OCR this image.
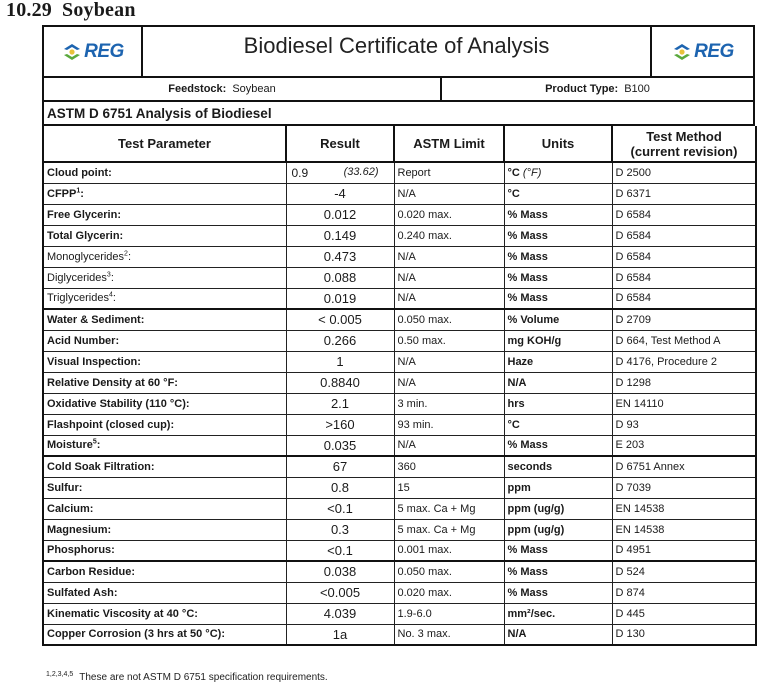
10.29 Soybean
REG	Biodiesel Certificate of Analysis	REG
Feedstock: Soybean	Product Type: B100
ASTM D 6751 Analysis of Biodiesel
Test Parameter	Result	ASTM Limit	Units	Test Method
(current revision)

Cloud point:	0.9 (33.62)	Report	°C (°F)	D 2500
CFPP$^1$:	-4	N/A	°C	D 6371
Free Glycerin:	0.012	0.020 max.	% Mass	D 6584
Total Glycerin:	0.149	0.240 max.	% Mass	D 6584
Monoglycerides$^2$:	0.473	N/A	% Mass	D 6584
Diglycerides$^3$:	0.088	N/A	% Mass	D 6584
Triglycerides$^4$:	0.019	N/A	% Mass	D 6584
Water & Sediment:	< 0.005	0.050 max.	% Volume	D 2709
Acid Number:	0.266	0.50 max.	mg KOH/g	D 664, Test Method A
Visual Inspection:	1	N/A	Haze	D 4176, Procedure 2
Relative Density at 60 °F:	0.8840	N/A	N/A	D 1298
Oxidative Stability (110 °C):	2.1	3 min.	hrs	EN 14110
Flashpoint (closed cup):	>160	93 min.	°C	D 93
Moisture$^5$:	0.035	N/A	% Mass	E 203
Cold Soak Filtration:	67	360	seconds	D 6751 Annex
Sulfur:	0.8	15	ppm	D 7039
Calcium:	<0.1	5 max. Ca + Mg	ppm (ug/g)	EN 14538
Magnesium:	0.3	5 max. Ca + Mg	ppm (ug/g)	EN 14538
Phosphorus:	<0.1	0.001 max.	% Mass	D 4951
Carbon Residue:	0.038	0.050 max.	% Mass	D 524
Sulfated Ash:	<0.005	0.020 max.	% Mass	D 874
Kinematic Viscosity at 40 °C:	4.039	1.9-6.0	mm²/sec.	D 445
Copper Corrosion (3 hrs at 50 °C):	1a	No. 3 max.	N/A	D 130
$^{1,2,3,4,5}$ These are not ASTM D 6751 specification requirements.
